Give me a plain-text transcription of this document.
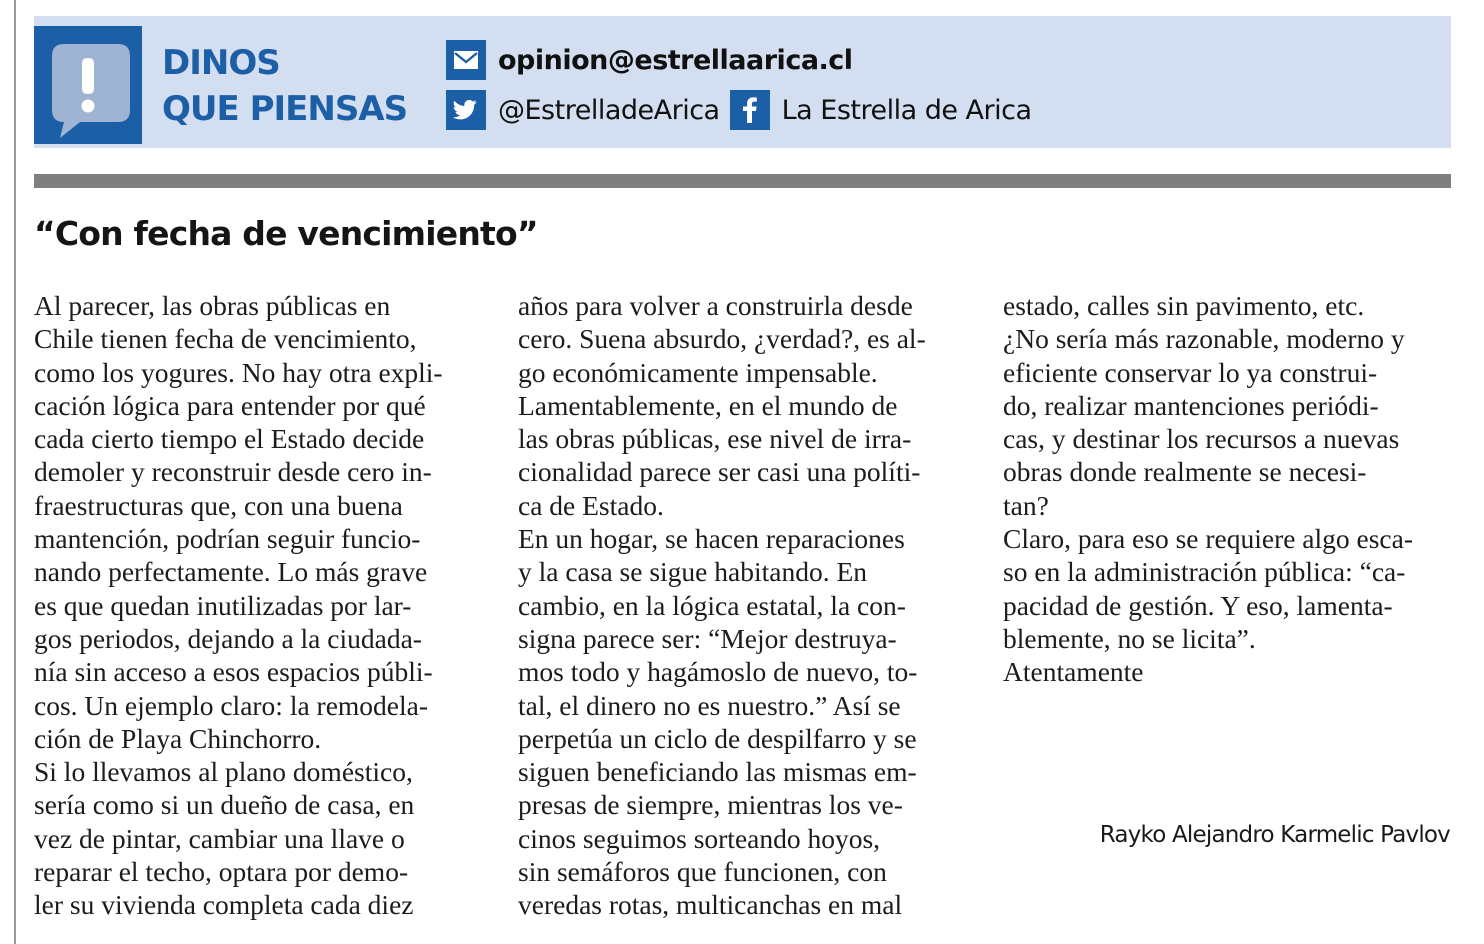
DINOS
QUE PIENSAS
opinion@estrellaarica.cl
@EstrelladeArica La Estrella de Arica
“Con fecha de vencimiento”
Al parecer, las obras públicas en
Chile tienen fecha de vencimiento,
como los yogures. No hay otra expli-
cación lógica para entender por qué
cada cierto tiempo el Estado decide
demoler y reconstruir desde cero in-
fraestructuras que, con una buena
mantención, podrían seguir funcio-
nando perfectamente. Lo más grave
es que quedan inutilizadas por lar-
gos periodos, dejando a la ciudada-
nía sin acceso a esos espacios públi-
cos. Un ejemplo claro: la remodela-
ción de Playa Chinchorro.
Si lo llevamos al plano doméstico,
sería como si un dueño de casa, en
vez de pintar, cambiar una llave o
reparar el techo, optara por demo-
ler su vivienda completa cada diez
años para volver a construirla desde
cero. Suena absurdo, ¿verdad?, es al-
go económicamente impensable.
Lamentablemente, en el mundo de
las obras públicas, ese nivel de irra-
cionalidad parece ser casi una políti-
ca de Estado.
En un hogar, se hacen reparaciones
y la casa se sigue habitando. En
cambio, en la lógica estatal, la con-
signa parece ser: “Mejor destruya-
mos todo y hagámoslo de nuevo, to-
tal, el dinero no es nuestro.” Así se
perpetúa un ciclo de despilfarro y se
siguen beneficiando las mismas em-
presas de siempre, mientras los ve-
cinos seguimos sorteando hoyos,
sin semáforos que funcionen, con
veredas rotas, multicanchas en mal
estado, calles sin pavimento, etc.
¿No sería más razonable, moderno y
eficiente conservar lo ya construi-
do, realizar mantenciones periódi-
cas, y destinar los recursos a nuevas
obras donde realmente se necesi-
tan?
Claro, para eso se requiere algo esca-
so en la administración pública: “ca-
pacidad de gestión. Y eso, lamenta-
blemente, no se licita”.
Atentamente
Rayko Alejandro Karmelic Pavlov
